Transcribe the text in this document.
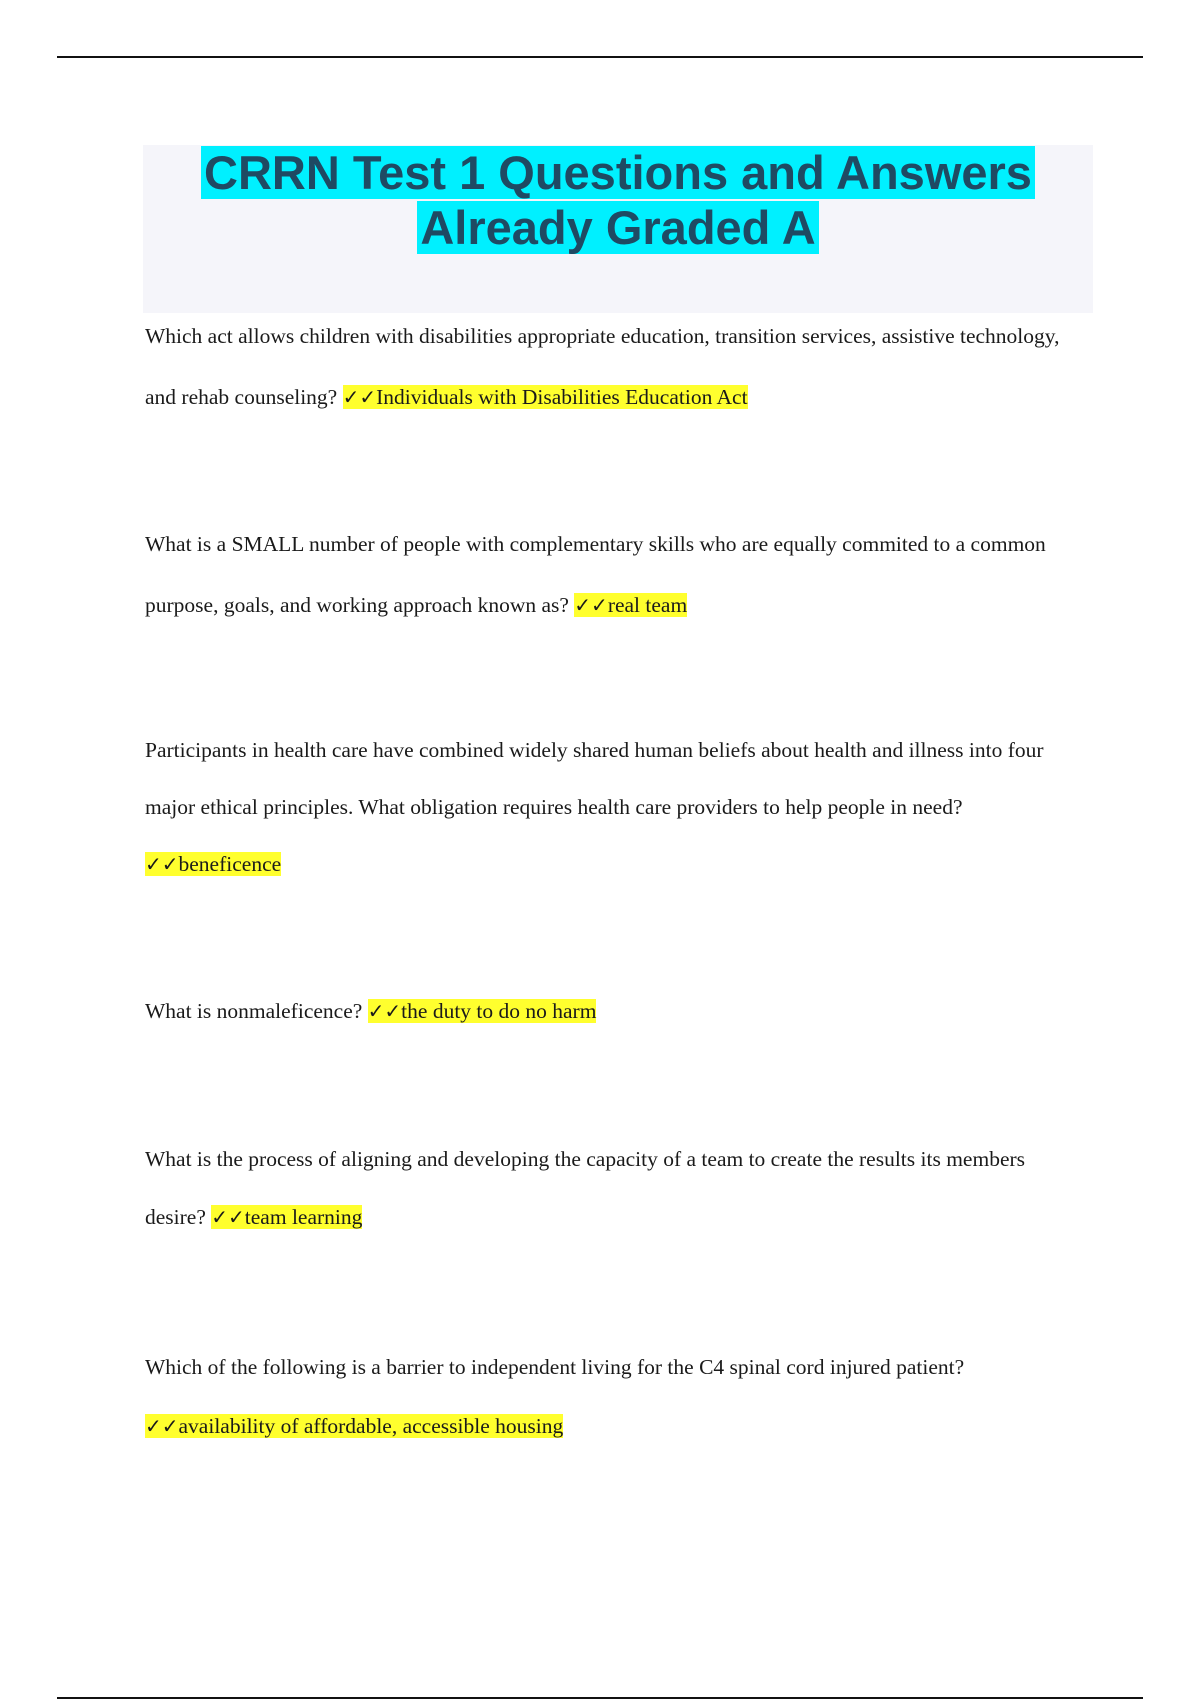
CRRN Test 1 Questions and Answers
Already Graded A

Which act allows children with disabilities appropriate education, transition services, assistive technology, and rehab counseling? ✓✓Individuals with Disabilities Education Act

What is a SMALL number of people with complementary skills who are equally commited to a common purpose, goals, and working approach known as? ✓✓real team

Participants in health care have combined widely shared human beliefs about health and illness into four major ethical principles. What obligation requires health care providers to help people in need? ✓✓beneficence

What is nonmaleficence? ✓✓the duty to do no harm

What is the process of aligning and developing the capacity of a team to create the results its members desire? ✓✓team learning

Which of the following is a barrier to independent living for the C4 spinal cord injured patient? ✓✓availability of affordable, accessible housing
